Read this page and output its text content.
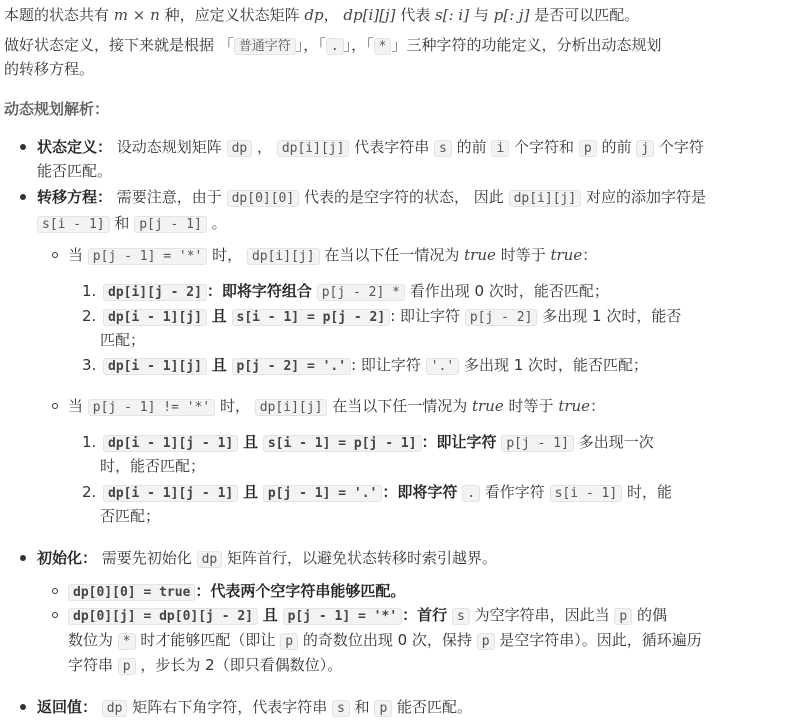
本题的状态共有 m × n 种，应定义状态矩阵 dp， dp[i][j] 代表 s[: i] 与 p[: j] 是否可以匹配。
做好状态定义，接下来就是根据 「 普通字符 」，「 . 」，「 * 」三种字符的功能定义，分析出动态规划
的转移方程。
动态规划解析：
状态定义： 设动态规划矩阵 dp ， dp[i][j] 代表字符串 s 的前 i 个字符和 p 的前 j 个字符
能否匹配。
转移方程： 需要注意，由于 dp[0][0] 代表的是空字符的状态， 因此 dp[i][j] 对应的添加字符是
s[i - 1] 和 p[j - 1] 。
当 p[j - 1] = '*' 时， dp[i][j] 在当以下任一情况为 true 时等于 true：
1. dp[i][j - 2] ：即将字符组合 p[j - 2] * 看作出现 0 次时，能否匹配；
2. dp[i - 1][j] 且 s[i - 1] = p[j - 2] : 即让字符 p[j - 2] 多出现 1 次时，能否
匹配；
3. dp[i - 1][j] 且 p[j - 2] = '.' : 即让字符 '.' 多出现 1 次时，能否匹配；
当 p[j - 1] != '*' 时， dp[i][j] 在当以下任一情况为 true 时等于 true：
1. dp[i - 1][j - 1] 且 s[i - 1] = p[j - 1] ：即让字符 p[j - 1] 多出现一次
时，能否匹配；
2. dp[i - 1][j - 1] 且 p[j - 1] = '.' ：即将字符 . 看作字符 s[i - 1] 时，能
否匹配；
初始化： 需要先初始化 dp 矩阵首行，以避免状态转移时索引越界。
dp[0][0] = true ：代表两个空字符串能够匹配。
dp[0][j] = dp[0][j - 2] 且 p[j - 1] = '*' ：首行 s 为空字符串，因此当 p 的偶
数位为 * 时才能够匹配（即让 p 的奇数位出现 0 次，保持 p 是空字符串）。因此，循环遍历
字符串 p ，步长为 2（即只看偶数位）。
返回值： dp 矩阵右下角字符，代表字符串 s 和 p 能否匹配。
